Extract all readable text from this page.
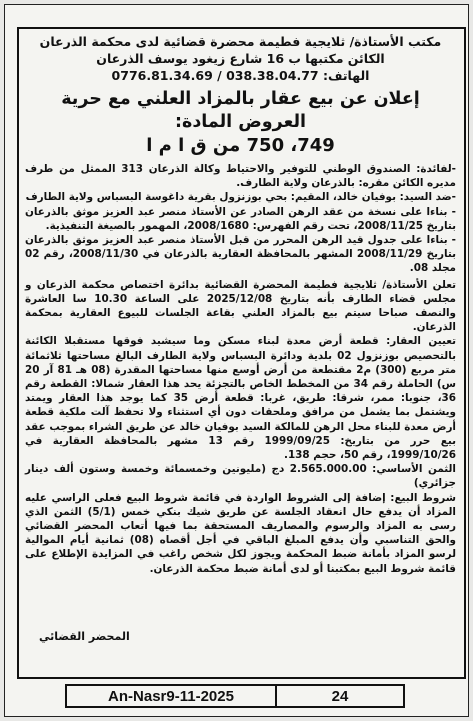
مكتب الأستاذة/ ثلايجية فطيمة محضرة قضائية لدى محكمة الذرعان
الكائن مكتبها ب 16 شارع زيغود يوسف الذرعان
الهاتف: 038.38.04.77 / 0776.81.34.69
إعلان عن بيع عقار بالمزاد العلني مع حرية العروض المادة:
749، 750 من ق ا م ا

-لفائدة: الصندوق الوطني للتوفير والاحتياط وكالة الذرعان 313 الممثل من طرف مديره الكائن مقره: بالذرعان ولاية الطارف.

-ضد السيد: بوفيان خالد، المقيم: بحي بوزنزول بقرية داغوسة البسباس ولاية الطارف

- بناءا على نسخة من عقد الرهن الصادر عن الأستاذ منصر عبد العزيز موثق بالذرعان بتاريخ 2008/11/25، تحت رقم الفهرس: 2008/1680، المهمور بالصيغة التنفيذية.

- بناءا على جدول قيد الرهن المحرر من قبل الأستاذ منصر عبد العزيز موثق بالذرعان بتاريخ 2008/11/29 المشهر بالمحافظة العقارية بالذرعان في 2008/11/30، رقم 02 مجلد 08.

تعلن الأستاذة/ ثلايجية فطيمة المحضرة القضائية بدائرة اختصاص محكمة الذرعان و مجلس قضاء الطارف بأنه بتاريخ 2025/12/08 على الساعة 10.30 سا العاشرة والنصف صباحا سيتم بيع بالمزاد العلني بقاعة الجلسات للبيوع العقارية بمحكمة الذرعان.

تعيين العقار: قطعة أرض معدة لبناء مسكن وما سيشيد فوقها مستقبلا الكائنة بالتحصيص بوزنزول 02 بلدية ودائرة البسباس ولاية الطارف البالغ مساحتها ثلاثمائة متر مربع (300) م2 مقتطعة من أرض أوسع منها مساحتها المقدرة (08 هـ 81 آر 20 س) الحاملة رقم 34 من المخطط الخاص بالتجزئة يحد هذا العقار شمالا: القطعة رقم 36، جنوبا: ممر، شرقا: طريق، غربا: قطعة أرض 35 كما يوجد هذا العقار ويمتد ويشتمل بما يشمل من مرافق وملحقات دون أي استثناء ولا تحفظ آلت ملكية قطعة أرض معدة للبناء محل الرهن للمالكة السيد بوفيان خالد عن طريق الشراء بموجب عقد بيع حرر من بتاريخ: 1999/09/25 رقم 13 مشهر بالمحافظة العقارية في 1999/10/26، رقم 50، حجم 138.

الثمن الأساسي: 2.565.000.00 دج (مليونين وخمسمائة وخمسة وستون ألف دينار جزائري)

شروط البيع: إضافة إلى الشروط الواردة في قائمة شروط البيع فعلى الراسي عليه المزاد أن يدفع حال انعقاد الجلسة عن طريق شيك بنكي خمس (5/1) الثمن الذي رسى به المزاد والرسوم والمصاريف المستحقة بما فيها أتعاب المحضر القضائي والحق التناسبي وأن يدفع المبلغ الباقي في أجل أقصاه (08) ثمانية أيام الموالية لرسو المزاد بأمانة ضبط المحكمة ويجوز لكل شخص راغب في المزايدة الإطلاع على قائمة شروط البيع بمكتبنا أو لدى أمانة ضبط محكمة الذرعان.

المحضر القضائي
An-Nasr9-11-2025	24
